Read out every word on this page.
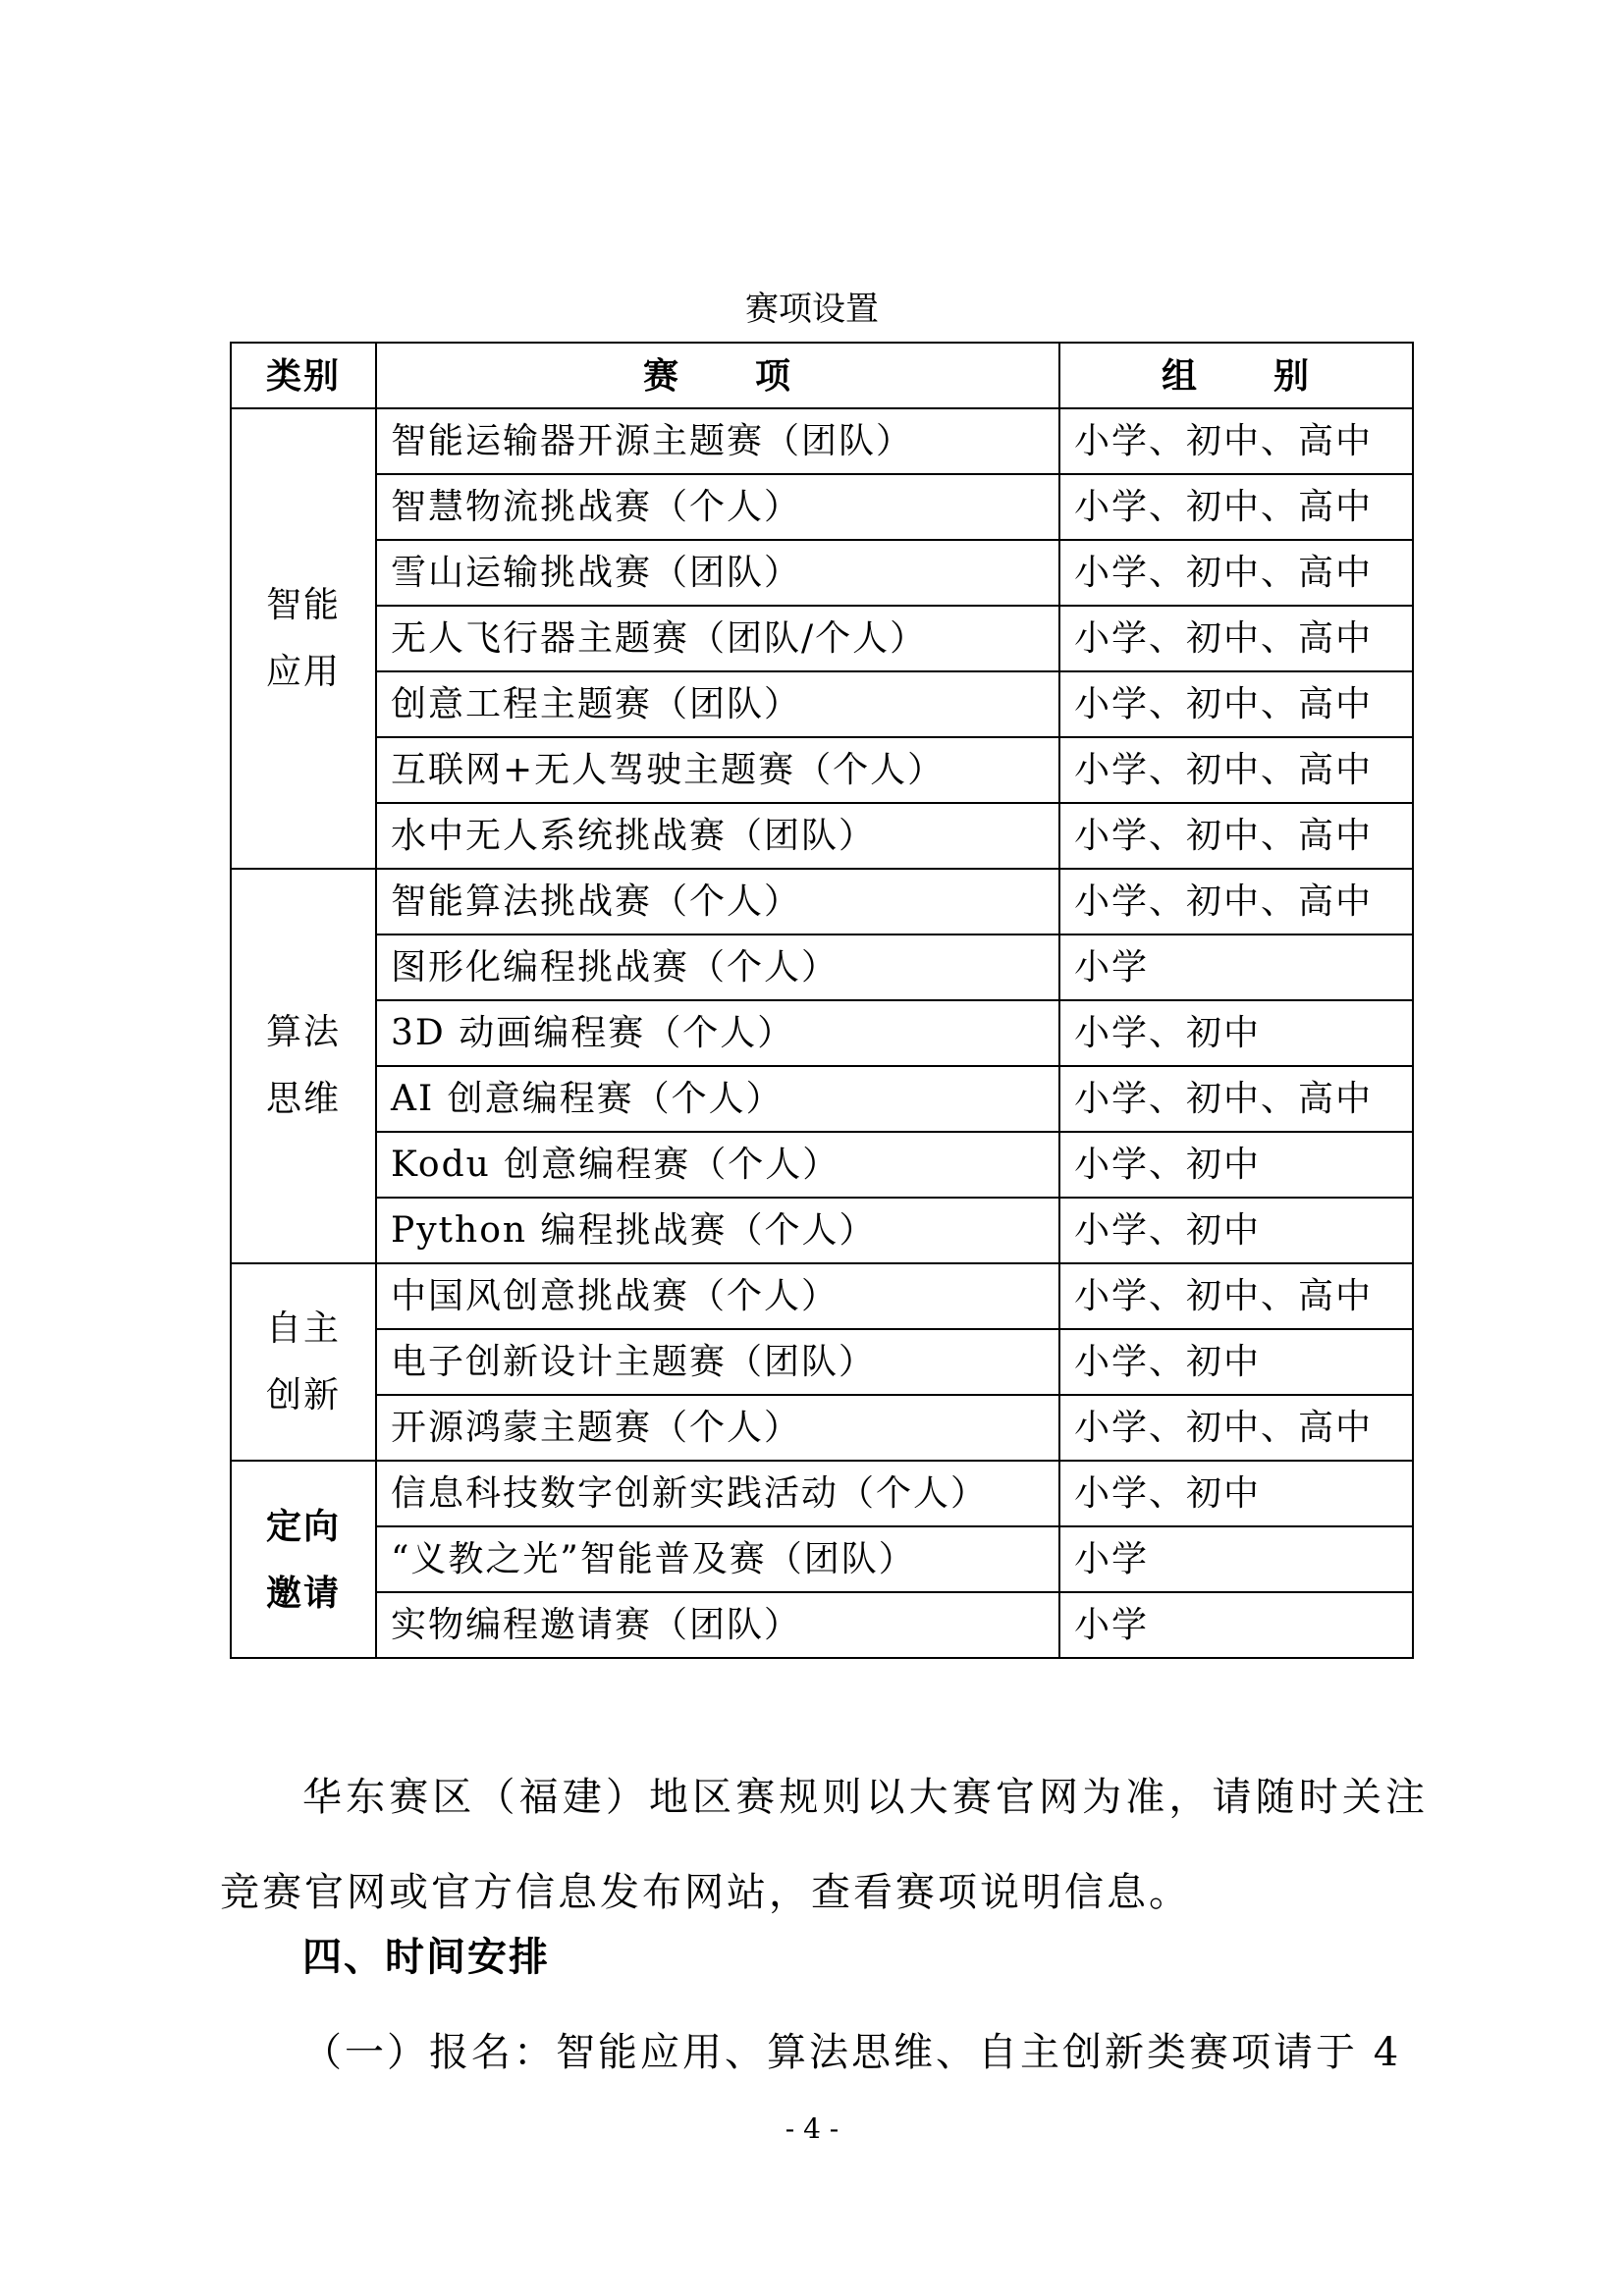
赛项设置
类别	赛　　项	组　　别
智能应用	智能运输器开源主题赛（团队）	小学、初中、高中
	智慧物流挑战赛（个人）	小学、初中、高中
	雪山运输挑战赛（团队）	小学、初中、高中
	无人飞行器主题赛（团队/个人）	小学、初中、高中
	创意工程主题赛（团队）	小学、初中、高中
	互联网+无人驾驶主题赛（个人）	小学、初中、高中
	水中无人系统挑战赛（团队）	小学、初中、高中
算法思维	智能算法挑战赛（个人）	小学、初中、高中
	图形化编程挑战赛（个人）	小学
	3D 动画编程赛（个人）	小学、初中
	AI 创意编程赛（个人）	小学、初中、高中
	Kodu 创意编程赛（个人）	小学、初中
	Python 编程挑战赛（个人）	小学、初中
自主创新	中国风创意挑战赛（个人）	小学、初中、高中
	电子创新设计主题赛（团队）	小学、初中
	开源鸿蒙主题赛（个人）	小学、初中、高中
定向邀请	信息科技数字创新实践活动（个人）	小学、初中
	“义教之光”智能普及赛（团队）	小学
	实物编程邀请赛（团队）	小学
华东赛区（福建）地区赛规则以大赛官网为准，请随时关注竞赛官网或官方信息发布网站，查看赛项说明信息。
四、时间安排
（一）报名：智能应用、算法思维、自主创新类赛项请于 4
- 4 -
